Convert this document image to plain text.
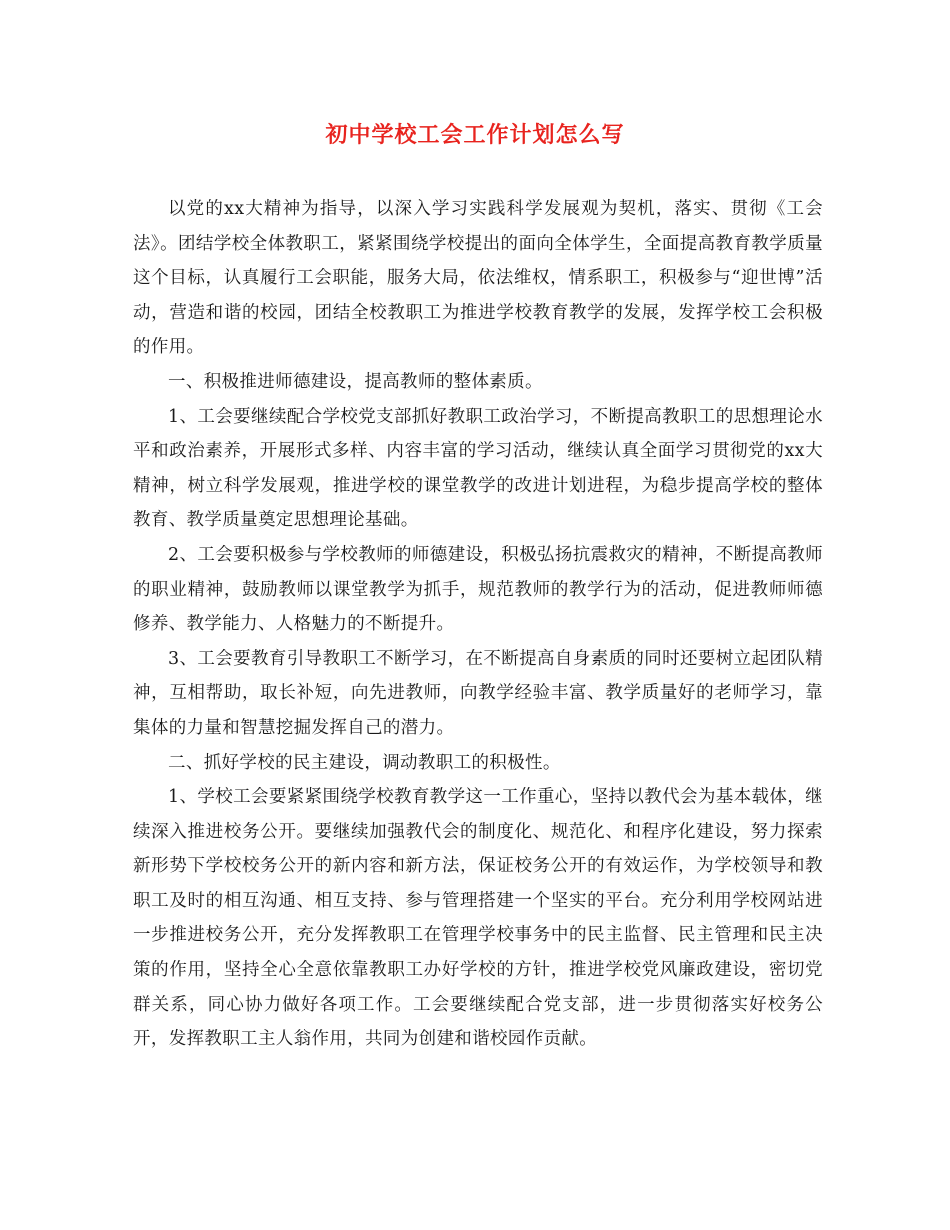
初中学校工会工作计划怎么写

以党的xx大精神为指导，以深入学习实践科学发展观为契机，落实、贯彻《工会法》。团结学校全体教职工，紧紧围绕学校提出的面向全体学生，全面提高教育教学质量这个目标，认真履行工会职能，服务大局，依法维权，情系职工，积极参与“迎世博”活动，营造和谐的校园，团结全校教职工为推进学校教育教学的发展，发挥学校工会积极的作用。

一、积极推进师德建设，提高教师的整体素质。

1、工会要继续配合学校党支部抓好教职工政治学习，不断提高教职工的思想理论水平和政治素养，开展形式多样、内容丰富的学习活动，继续认真全面学习贯彻党的xx大精神，树立科学发展观，推进学校的课堂教学的改进计划进程，为稳步提高学校的整体教育、教学质量奠定思想理论基础。

2、工会要积极参与学校教师的师德建设，积极弘扬抗震救灾的精神，不断提高教师的职业精神，鼓励教师以课堂教学为抓手，规范教师的教学行为的活动，促进教师师德修养、教学能力、人格魅力的不断提升。

3、工会要教育引导教职工不断学习，在不断提高自身素质的同时还要树立起团队精神，互相帮助，取长补短，向先进教师，向教学经验丰富、教学质量好的老师学习，靠集体的力量和智慧挖掘发挥自己的潜力。

二、抓好学校的民主建设，调动教职工的积极性。

1、学校工会要紧紧围绕学校教育教学这一工作重心，坚持以教代会为基本载体，继续深入推进校务公开。要继续加强教代会的制度化、规范化、和程序化建设，努力探索新形势下学校校务公开的新内容和新方法，保证校务公开的有效运作，为学校领导和教职工及时的相互沟通、相互支持、参与管理搭建一个坚实的平台。充分利用学校网站进一步推进校务公开，充分发挥教职工在管理学校事务中的民主监督、民主管理和民主决策的作用，坚持全心全意依靠教职工办好学校的方针，推进学校党风廉政建设，密切党群关系，同心协力做好各项工作。工会要继续配合党支部，进一步贯彻落实好校务公开，发挥教职工主人翁作用，共同为创建和谐校园作贡献。
